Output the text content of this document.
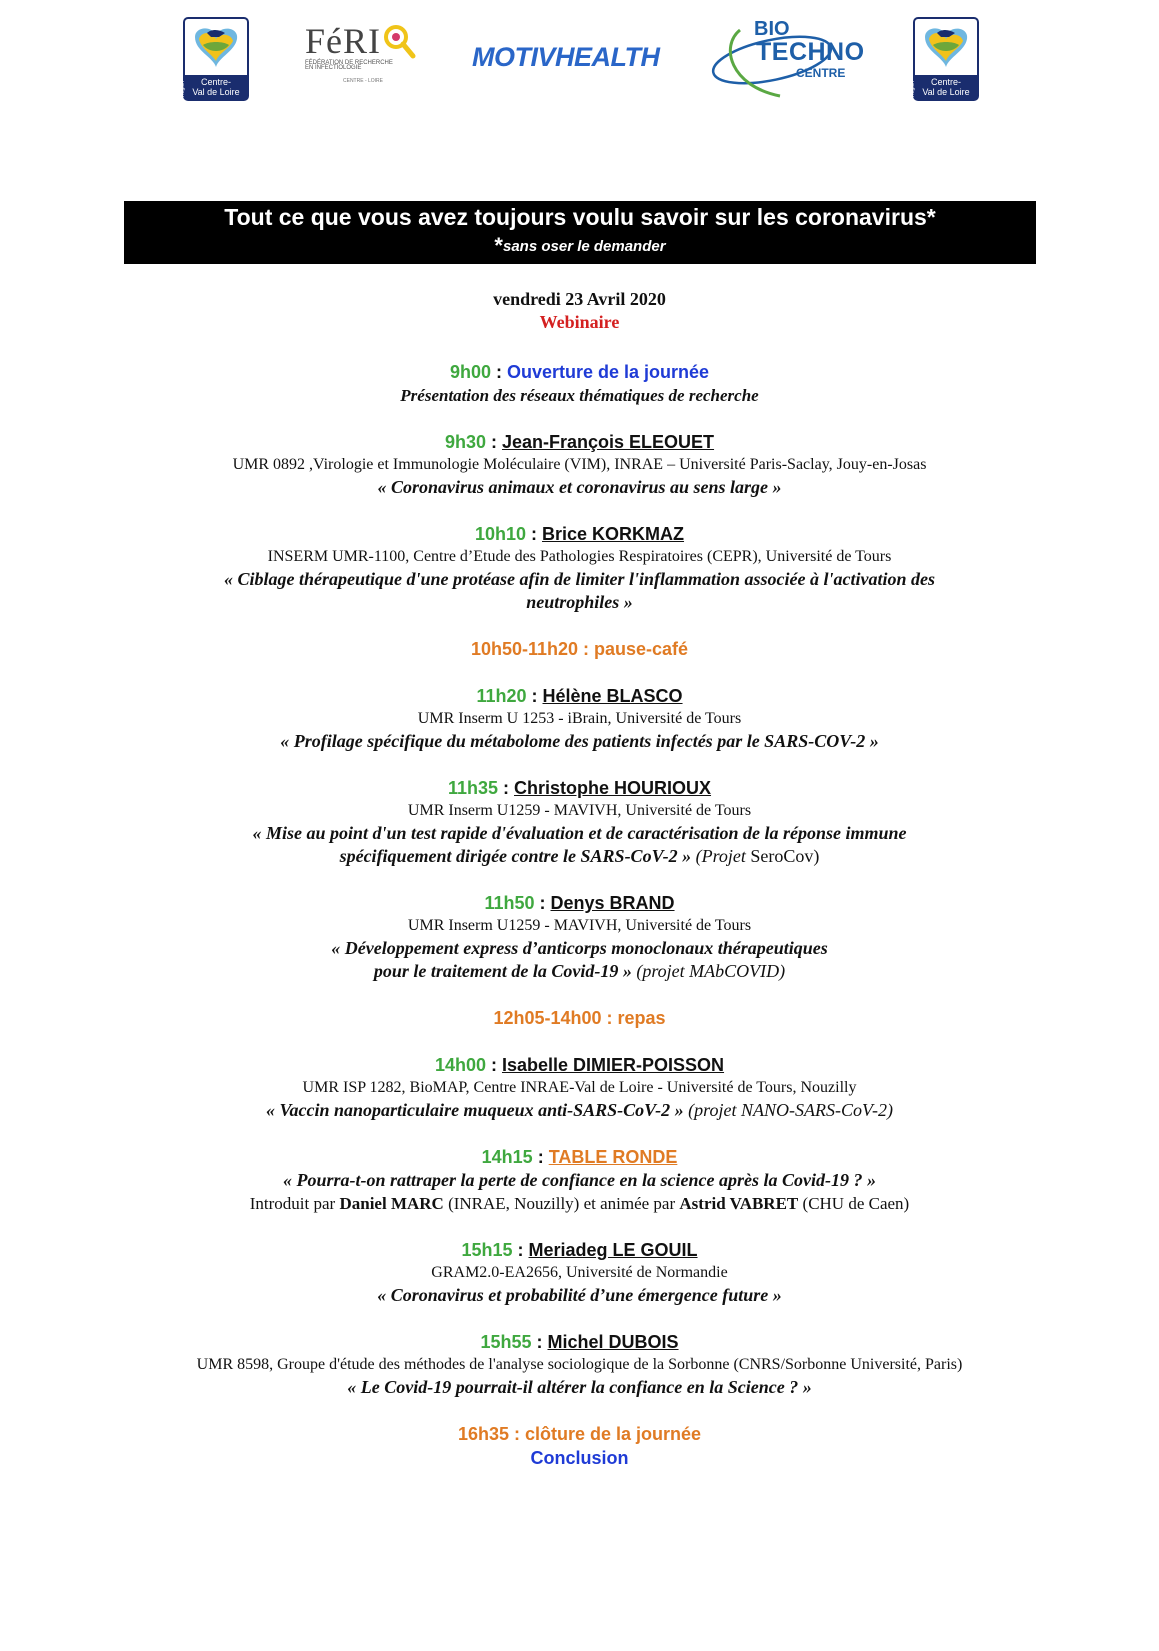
Centre-
Val de Loire
Région
FéRI
FÉDÉRATION DE RECHERCHE
EN INFECTIOLOGIE
CENTRE - LOIRE
MOTIVHEALTH
BIO
TECHNO
CENTRE
Centre-
Val de Loire
Région
Tout ce que vous avez toujours voulu savoir sur les coronavirus*
*sans oser le demander
vendredi 23 Avril 2020
Webinaire
9h00 : Ouverture de la journée
Présentation des réseaux thématiques de recherche
9h30 : Jean-François ELEOUET
UMR 0892 ,Virologie et Immunologie Moléculaire (VIM), INRAE – Université Paris-Saclay, Jouy-en-Josas
« Coronavirus animaux et coronavirus au sens large »
10h10 : Brice KORKMAZ
INSERM UMR-1100, Centre d’Etude des Pathologies Respiratoires (CEPR), Université de Tours
« Ciblage thérapeutique d'une protéase afin de limiter l'inflammation associée à l'activation des
neutrophiles »
10h50-11h20 : pause-café
11h20 : Hélène BLASCO
UMR Inserm U 1253 - iBrain, Université de Tours
« Profilage spécifique du métabolome des patients infectés par le SARS-COV-2 »
11h35 : Christophe HOURIOUX
UMR Inserm U1259 - MAVIVH, Université de Tours
« Mise au point d'un test rapide d'évaluation et de caractérisation de la réponse immune
spécifiquement dirigée contre le SARS-CoV-2 » (Projet SeroCov)
11h50 : Denys BRAND
UMR Inserm U1259 - MAVIVH, Université de Tours
« Développement express d’anticorps monoclonaux thérapeutiques
pour le traitement de la Covid-19 » (projet MAbCOVID)
12h05-14h00 : repas
14h00 : Isabelle DIMIER-POISSON
UMR ISP 1282, BioMAP, Centre INRAE-Val de Loire - Université de Tours, Nouzilly
« Vaccin nanoparticulaire muqueux anti-SARS-CoV-2 » (projet NANO-SARS-CoV-2)
14h15 : TABLE RONDE
« Pourra-t-on rattraper la perte de confiance en la science après la Covid-19 ? »
Introduit par Daniel MARC (INRAE, Nouzilly) et animée par Astrid VABRET (CHU de Caen)
15h15 : Meriadeg LE GOUIL
GRAM2.0-EA2656, Université de Normandie
« Coronavirus et probabilité d’une émergence future »
15h55 : Michel DUBOIS
UMR 8598, Groupe d'étude des méthodes de l'analyse sociologique de la Sorbonne (CNRS/Sorbonne Université, Paris)
« Le Covid-19 pourrait-il altérer la confiance en la Science ? »
16h35 : clôture de la journée
Conclusion
